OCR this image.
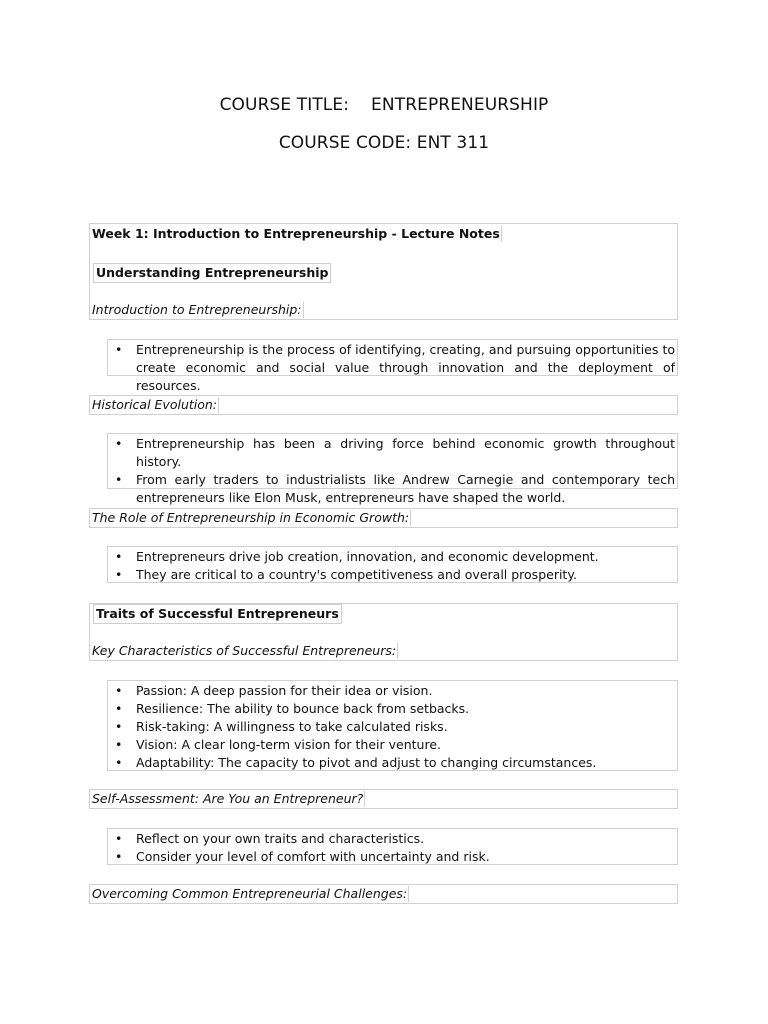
COURSE TITLE:    ENTREPRENEURSHIP
COURSE CODE: ENT 311
Week 1: Introduction to Entrepreneurship - Lecture Notes
Understanding Entrepreneurship
Introduction to Entrepreneurship:
• Entrepreneurship is the process of identifying, creating, and pursuing opportunities to create economic and social value through innovation and the deployment of resources.
Historical Evolution:
• Entrepreneurship has been a driving force behind economic growth throughout history.
• From early traders to industrialists like Andrew Carnegie and contemporary tech entrepreneurs like Elon Musk, entrepreneurs have shaped the world.
The Role of Entrepreneurship in Economic Growth:
• Entrepreneurs drive job creation, innovation, and economic development.
• They are critical to a country's competitiveness and overall prosperity.
Traits of Successful Entrepreneurs
Key Characteristics of Successful Entrepreneurs:
• Passion: A deep passion for their idea or vision.
• Resilience: The ability to bounce back from setbacks.
• Risk-taking: A willingness to take calculated risks.
• Vision: A clear long-term vision for their venture.
• Adaptability: The capacity to pivot and adjust to changing circumstances.
Self-Assessment: Are You an Entrepreneur?
• Reflect on your own traits and characteristics.
• Consider your level of comfort with uncertainty and risk.
Overcoming Common Entrepreneurial Challenges:
